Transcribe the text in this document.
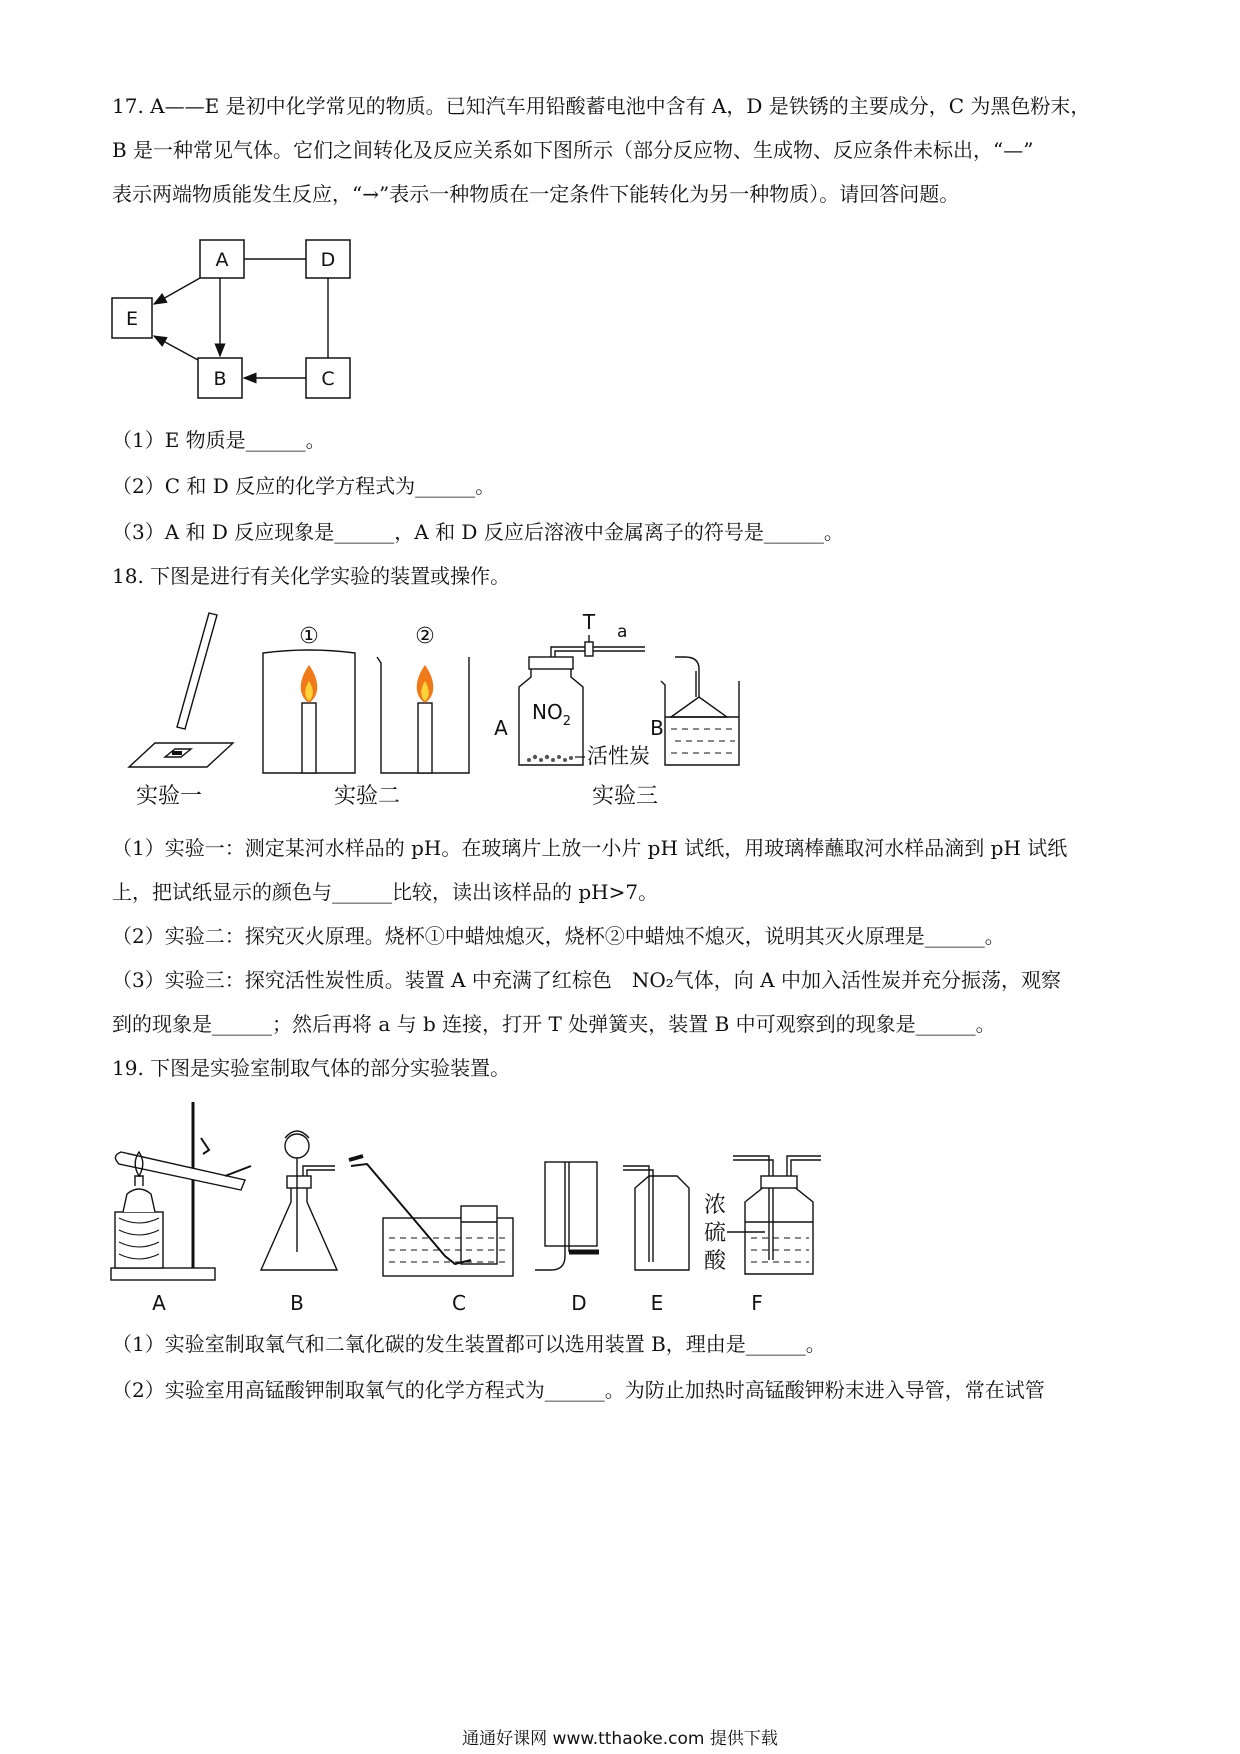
17. A——E 是初中化学常见的物质。已知汽车用铅酸蓄电池中含有 A，D 是铁锈的主要成分，C 为黑色粉末，
B 是一种常见气体。它们之间转化及反应关系如下图所示（部分反应物、生成物、反应条件未标出，“—”
表示两端物质能发生反应，“→”表示一种物质在一定条件下能转化为另一种物质）。请回答问题。
A	D
E
B	C
（1）E 物质是______。
（2）C 和 D 反应的化学方程式为______。
（3）A 和 D 反应现象是______，A 和 D 反应后溶液中金属离子的符号是______。
18. 下图是进行有关化学实验的装置或操作。
①	②
T a
A
$NO_2$
活性炭
B
实验一	实验二	实验三
（1）实验一：测定某河水样品的 pH。在玻璃片上放一小片 pH 试纸，用玻璃棒蘸取河水样品滴到 pH 试纸
上，把试纸显示的颜色与______比较，读出该样品的 pH>7。
（2）实验二：探究灭火原理。烧杯①中蜡烛熄灭，烧杯②中蜡烛不熄灭，说明其灭火原理是______。
（3）实验三：探究活性炭性质。装置 A 中充满了红棕色　NO₂气体，向 A 中加入活性炭并充分振荡，观察
到的现象是______；然后再将 a 与 b 连接，打开 T 处弹簧夹，装置 B 中可观察到的现象是______。
19. 下图是实验室制取气体的部分实验装置。
A	B	C	D	E	F
浓
硫
酸
（1）实验室制取氧气和二氧化碳的发生装置都可以选用装置 B，理由是______。
（2）实验室用高锰酸钾制取氧气的化学方程式为______。为防止加热时高锰酸钾粉末进入导管，常在试管
通通好课网 www.tthaoke.com 提供下载
